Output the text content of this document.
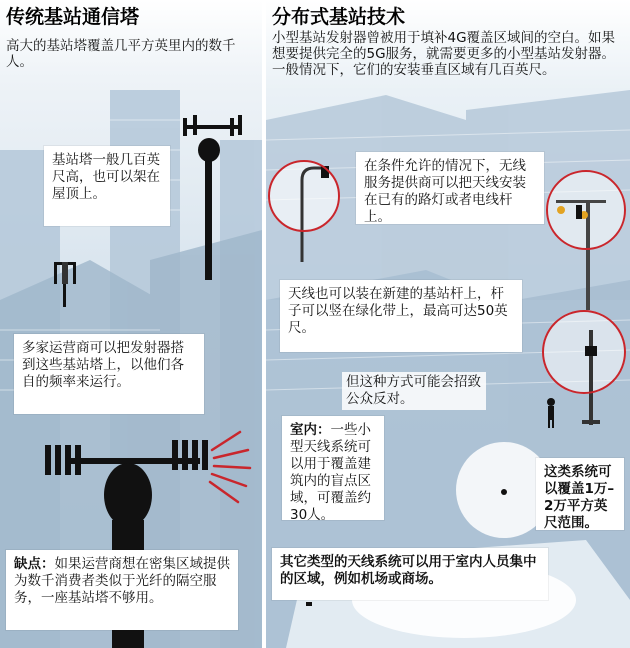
传统基站通信塔

高大的基站塔覆盖几平方英里内的数千人。

基站塔一般几百英尺高，也可以架在屋顶上。
多家运营商可以把发射器搭到这些基站塔上，以他们各自的频率来运行。
缺点：如果运营商想在密集区域提供为数千消费者类似于光纤的隔空服务，一座基站塔不够用。
分布式基站技术

小型基站发射器曾被用于填补4G覆盖区域间的空白。如果想要提供完全的5G服务，就需要更多的小型基站发射器。一般情况下，它们的安装垂直区域有几百英尺。

在条件允许的情况下，无线服务提供商可以把天线安装在已有的路灯或者电线杆上。
天线也可以装在新建的基站杆上，杆子可以竖在绿化带上，最高可达50英尺。
但这种方式可能会招致公众反对。
室内：一些小型天线系统可以用于覆盖建筑内的盲点区域，可覆盖约30人。
这类系统可以覆盖1万–2万平方英尺范围。
其它类型的天线系统可以用于室内人员集中的区域，例如机场或商场。
